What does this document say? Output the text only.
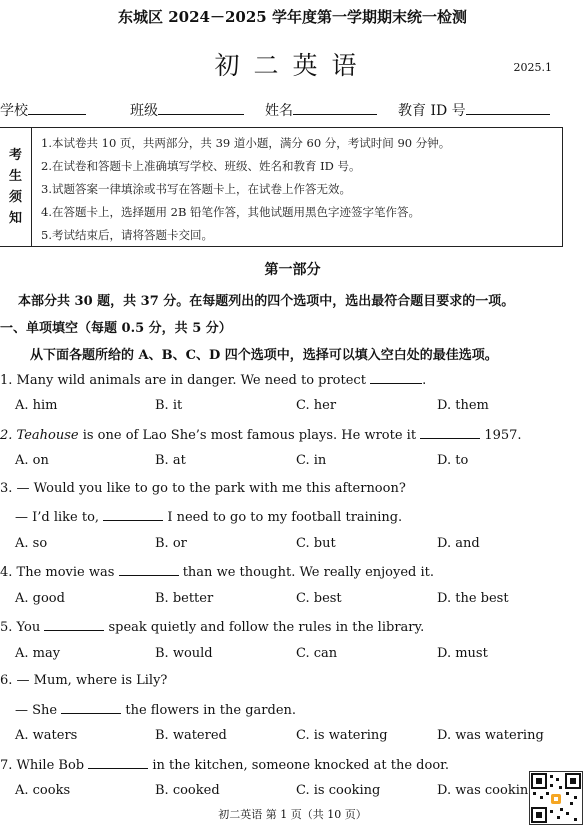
东城区 2024－2025 学年度第一学期期末统一检测
初二英语	2025.1
学校	班级	姓名	教育 ID 号
考
生
须
知
1.本试卷共 10 页，共两部分，共 39 道小题，满分 60 分，考试时间 90 分钟。
2.在试卷和答题卡上准确填写学校、班级、姓名和教育 ID 号。
3.试题答案一律填涂或书写在答题卡上，在试卷上作答无效。
4.在答题卡上，选择题用 2B 铅笔作答，其他试题用黑色字迹签字笔作答。
5.考试结束后，请将答题卡交回。
第一部分
本部分共 30 题，共 37 分。在每题列出的四个选项中，选出最符合题目要求的一项。
一、单项填空（每题 0.5 分，共 5 分）
从下面各题所给的 A、B、C、D 四个选项中，选择可以填入空白处的最佳选项。
1. Many wild animals are in danger. We need to protect	.
A. him	B. it	C. her	D. them
2. Teahouse is one of Lao She’s most famous plays. He wrote it	1957.
A. on	B. at	C. in	D. to
3. — Would you like to go to the park with me this afternoon?
— I’d like to,	I need to go to my football training.
A. so	B. or	C. but	D. and
4. The movie was	than we thought. We really enjoyed it.
A. good	B. better	C. best	D. the best
5. You	speak quietly and follow the rules in the library.
A. may	B. would	C. can	D. must
6. — Mum, where is Lily?
— She	the flowers in the garden.
A. waters	B. watered	C. is watering	D. was watering
7. While Bob	in the kitchen, someone knocked at the door.
A. cooks	B. cooked	C. is cooking	D. was cookin
初二英语 第 1 页（共 10 页）
